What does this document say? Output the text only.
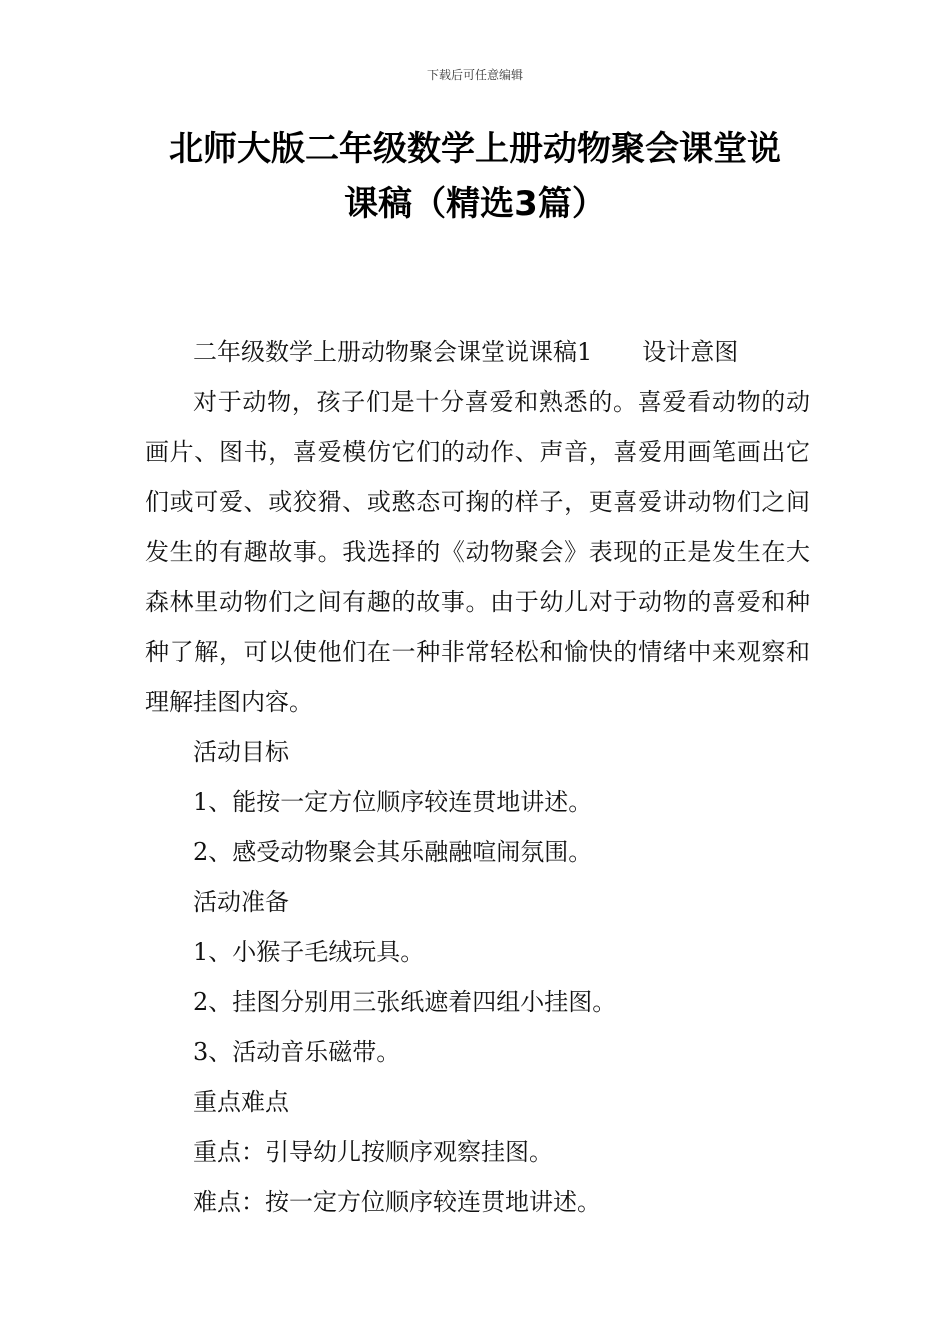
下载后可任意编辑
北师大版二年级数学上册动物聚会课堂说
课稿（精选3篇）

二年级数学上册动物聚会课堂说课稿1 设计意图

对于动物，孩子们是十分喜爱和熟悉的。喜爱看动物的动画片、图书，喜爱模仿它们的动作、声音，喜爱用画笔画出它们或可爱、或狡猾、或憨态可掬的样子，更喜爱讲动物们之间发生的有趣故事。我选择的《动物聚会》表现的正是发生在大森林里动物们之间有趣的故事。由于幼儿对于动物的喜爱和种种了解，可以使他们在一种非常轻松和愉快的情绪中来观察和理解挂图内容。

活动目标

1、能按一定方位顺序较连贯地讲述。

2、感受动物聚会其乐融融喧闹氛围。

活动准备

1、小猴子毛绒玩具。

2、挂图分别用三张纸遮着四组小挂图。

3、活动音乐磁带。

重点难点

重点：引导幼儿按顺序观察挂图。

难点：按一定方位顺序较连贯地讲述。
